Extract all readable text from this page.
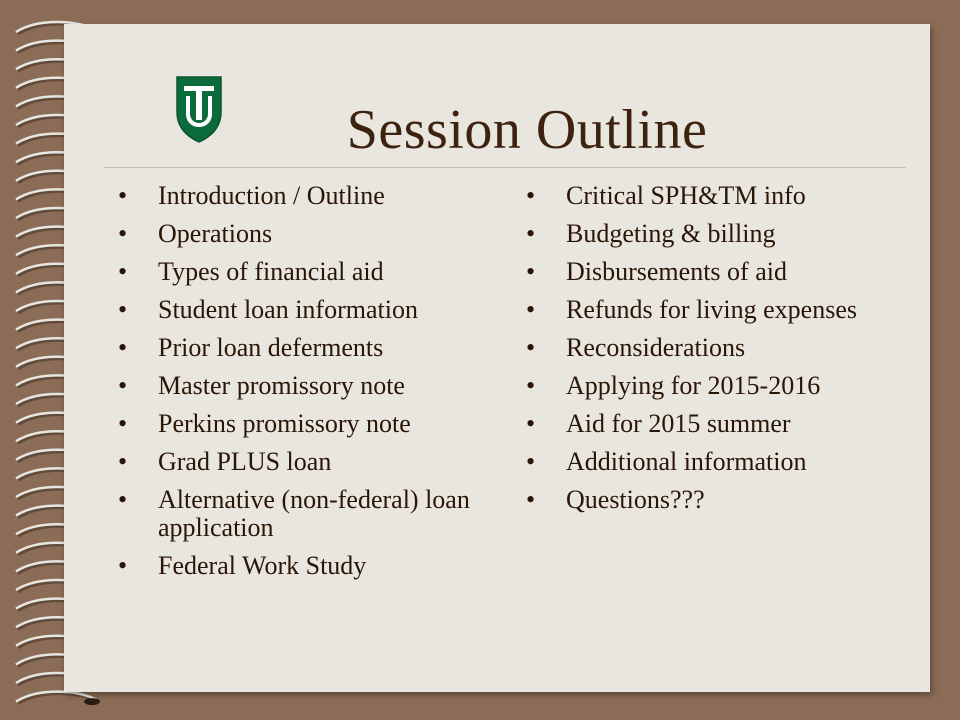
Session Outline
• Introduction / Outline
• Operations
• Types of financial aid
• Student loan information
• Prior loan deferments
• Master promissory note
• Perkins promissory note
• Grad PLUS loan
• Alternative (non-federal) loan application
• Federal Work Study
• Critical SPH&TM info
• Budgeting & billing
• Disbursements of aid
• Refunds for living expenses
• Reconsiderations
• Applying for 2015-2016
• Aid for 2015 summer
• Additional information
• Questions???
